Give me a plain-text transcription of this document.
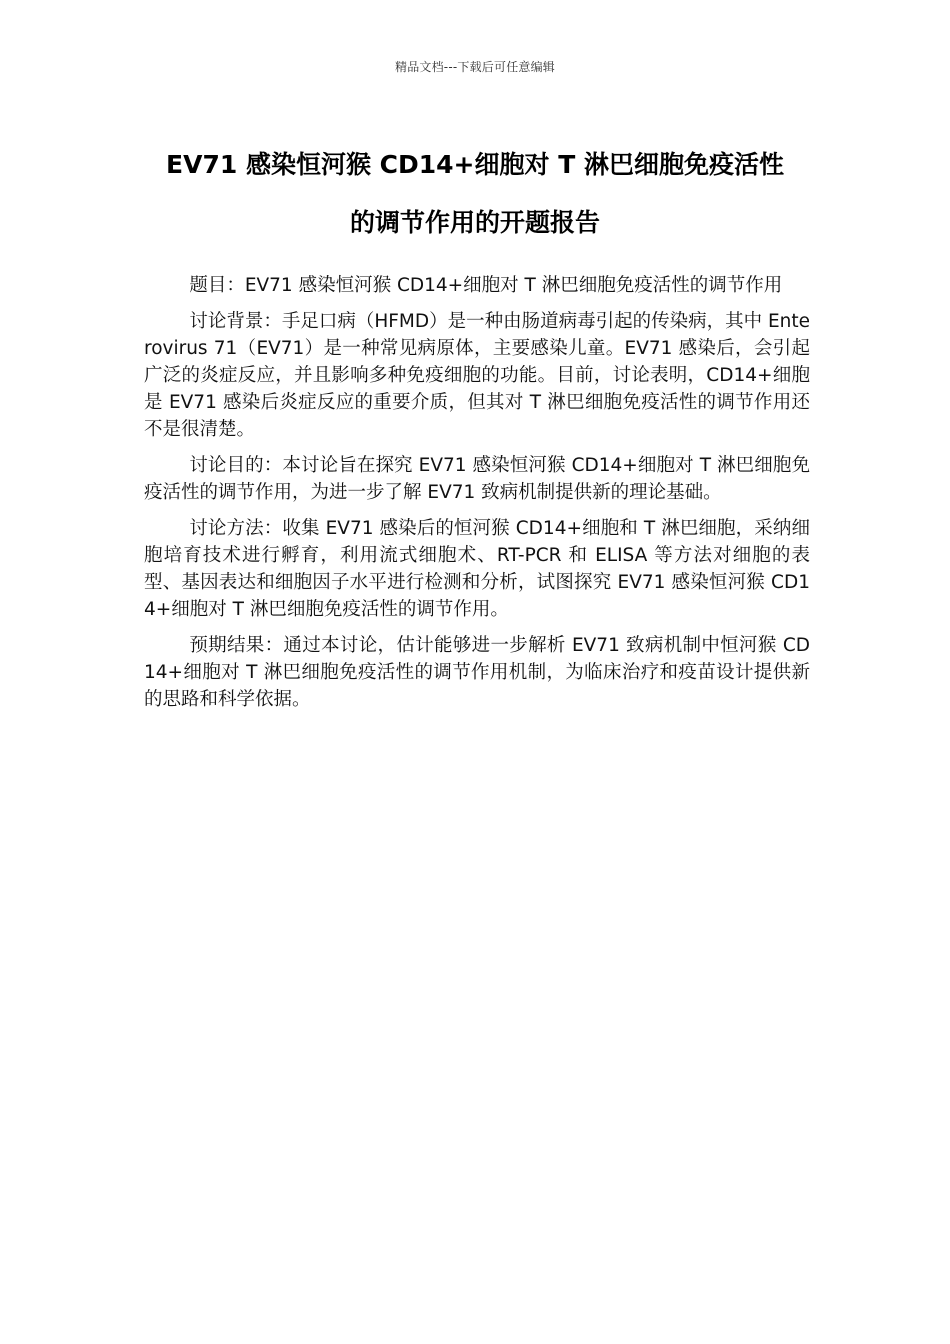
精品文档---下载后可任意编辑
EV71 感染恒河猴 CD14+细胞对 T 淋巴细胞免疫活性
的调节作用的开题报告

题目：EV71 感染恒河猴 CD14+细胞对 T 淋巴细胞免疫活性的调节作用

讨论背景：手足口病（HFMD）是一种由肠道病毒引起的传染病，其中 Enterovirus 71（EV71）是一种常见病原体，主要感染儿童。EV71 感染后，会引起广泛的炎症反应，并且影响多种免疫细胞的功能。目前，讨论表明，CD14+细胞是 EV71 感染后炎症反应的重要介质，但其对 T 淋巴细胞免疫活性的调节作用还不是很清楚。

讨论目的：本讨论旨在探究 EV71 感染恒河猴 CD14+细胞对 T 淋巴细胞免疫活性的调节作用，为进一步了解 EV71 致病机制提供新的理论基础。

讨论方法：收集 EV71 感染后的恒河猴 CD14+细胞和 T 淋巴细胞，采纳细胞培育技术进行孵育，利用流式细胞术、RT-PCR 和 ELISA 等方法对细胞的表型、基因表达和细胞因子水平进行检测和分析，试图探究 EV71 感染恒河猴 CD14+细胞对 T 淋巴细胞免疫活性的调节作用。

预期结果：通过本讨论，估计能够进一步解析 EV71 致病机制中恒河猴 CD14+细胞对 T 淋巴细胞免疫活性的调节作用机制，为临床治疗和疫苗设计提供新的思路和科学依据。
